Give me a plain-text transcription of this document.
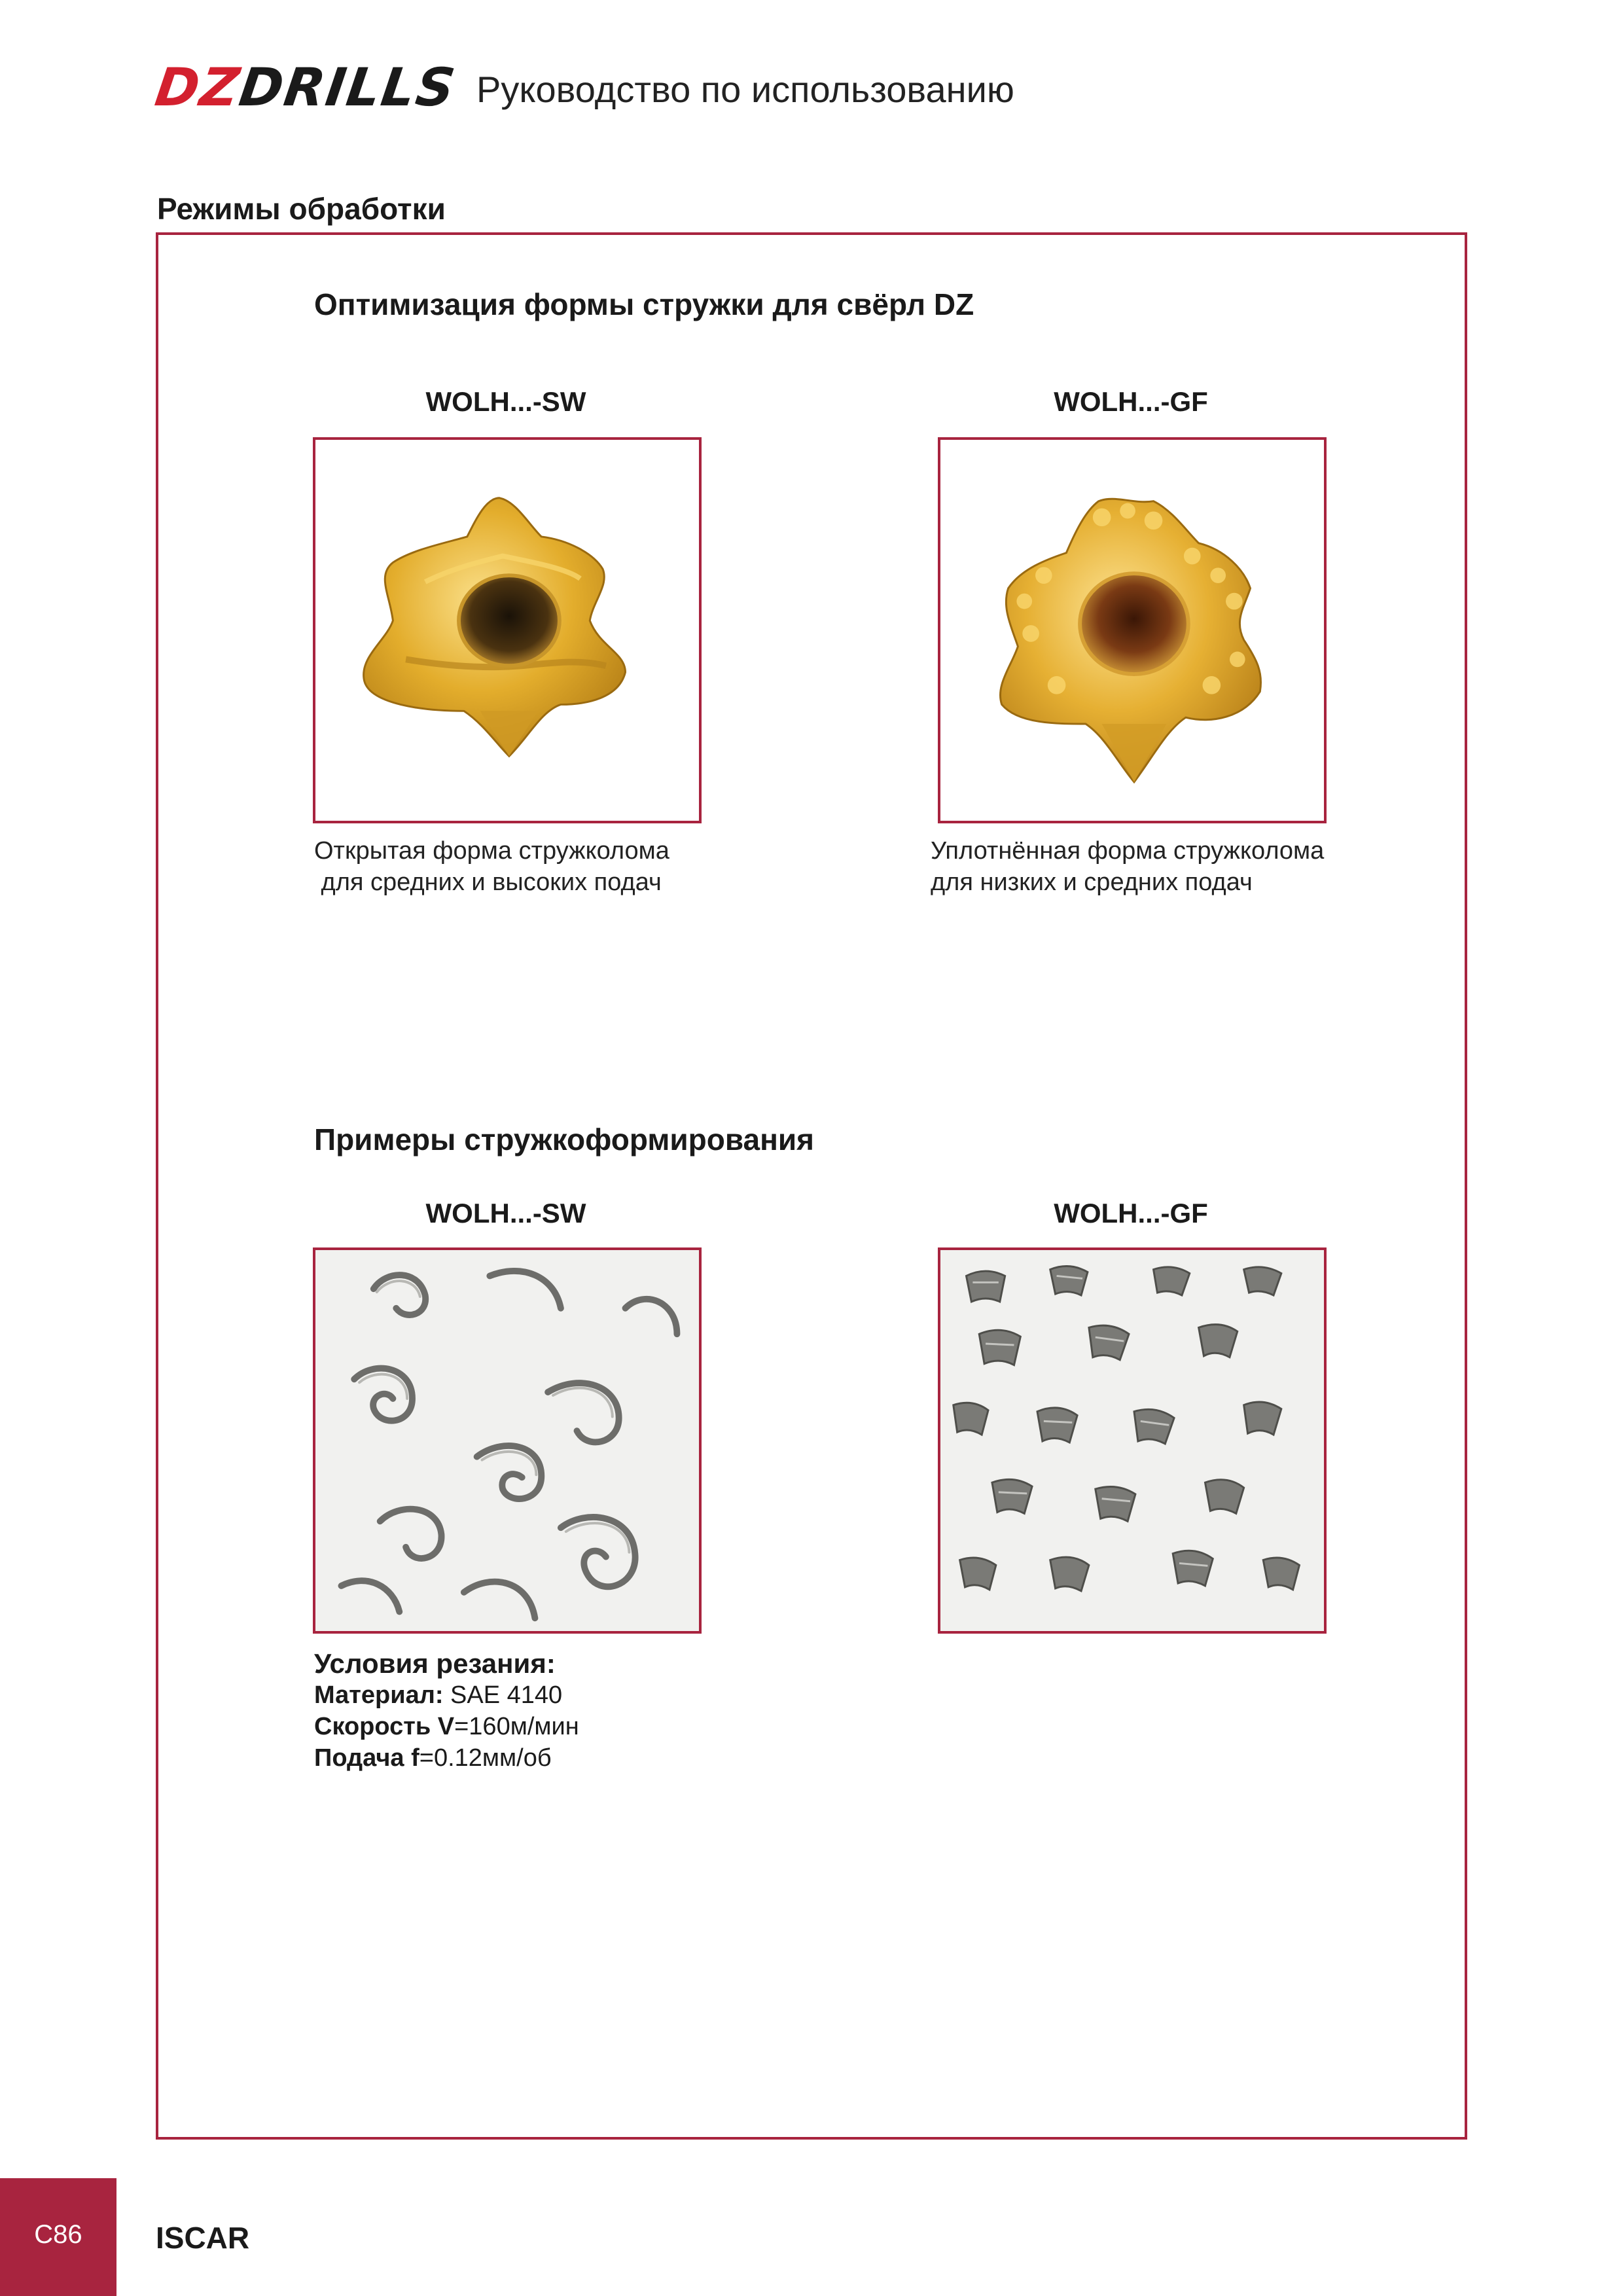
DZDRILLS Руководство по использованию
Режимы обработки
Оптимизация формы стружки для свёрл DZ
WOLH...-SW	WOLH...-GF
Открытая форма стружколома
для средних и высоких подач
Уплотнённая форма стружколома
для низких и средних подач
Примеры стружкоформирования
WOLH...-SW	WOLH...-GF
Условия резания:
Материал: SAE 4140
Скорость V=160м/мин
Подача f=0.12мм/об
C86	ISCAR
